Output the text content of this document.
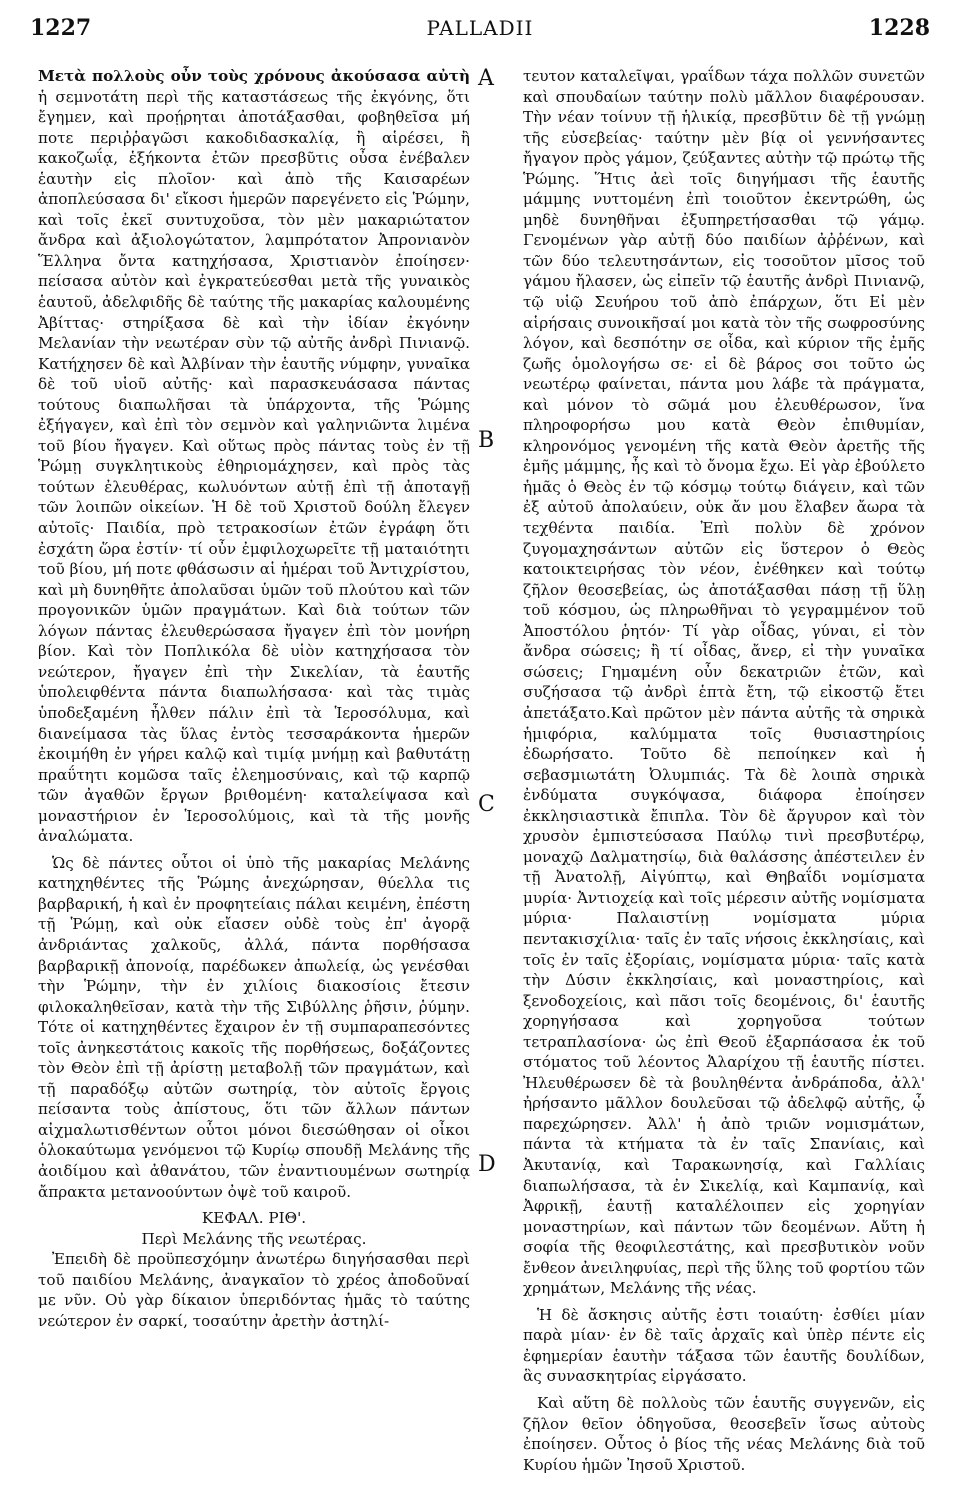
1227	PALLADII	1228
A
B
C
D

Μετὰ πολλοὺς οὖν τοὺς χρόνους ἀκούσασα αὐτὴ ἡ σεμνοτάτη περὶ τῆς καταστάσεως τῆς ἐκγόνης, ὅτι ἔγημεν, καὶ προῄρηται ἀποτάξασθαι, φοβηθεῖσα μή ποτε περιῤῥαγῶσι κακοδιδασκαλίᾳ, ἢ αἱρέσει, ἢ κακοζωΐᾳ, ἑξήκοντα ἐτῶν πρεσβῦτις οὖσα ἐνέβαλεν ἑαυτὴν εἰς πλοῖον· καὶ ἀπὸ τῆς Καισαρέων ἀποπλεύσασα δι' εἴκοσι ἡμερῶν παρεγένετο εἰς Ῥώμην, καὶ τοῖς ἐκεῖ συντυχοῦσα, τὸν μὲν μακαριώτατον ἄνδρα καὶ ἀξιολογώτατον, λαμπρότατον Ἀπρονιανὸν Ἕλληνα ὄντα κατηχήσασα, Χριστιανὸν ἐποίησεν· πείσασα αὐτὸν καὶ ἐγκρατεύεσθαι μετὰ τῆς γυναικὸς ἑαυτοῦ, ἀδελφιδῆς δὲ ταύτης τῆς μακαρίας καλουμένης Ἀβίττας· στηρίξασα δὲ καὶ τὴν ἰδίαν ἐκγόνην Μελανίαν τὴν νεωτέραν σὺν τῷ αὐτῆς ἀνδρὶ Πινιανῷ. Κατήχησεν δὲ καὶ Ἀλβίναν τὴν ἑαυτῆς νύμφην, γυναῖκα δὲ τοῦ υἱοῦ αὐτῆς· καὶ παρασκευάσασα πάντας τούτους διαπωλῆσαι τὰ ὑπάρχοντα, τῆς Ῥώμης ἐξήγαγεν, καὶ ἐπὶ τὸν σεμνὸν καὶ γαληνιῶντα λιμένα τοῦ βίου ἤγαγεν. Καὶ οὕτως πρὸς πάντας τοὺς ἐν τῇ Ῥώμῃ συγκλητικοὺς ἐθηριομάχησεν, καὶ πρὸς τὰς τούτων ἐλευθέρας, κωλυόντων αὐτῇ ἐπὶ τῇ ἀποταγῇ τῶν λοιπῶν οἰκείων. Ἡ δὲ τοῦ Χριστοῦ δούλη ἔλεγεν αὐτοῖς· Παιδία, πρὸ τετρακοσίων ἐτῶν ἐγράφη ὅτι ἐσχάτη ὥρα ἐστίν· τί οὖν ἐμφιλοχωρεῖτε τῇ ματαιότητι τοῦ βίου, μή ποτε φθάσωσιν αἱ ἡμέραι τοῦ Ἀντιχρίστου, καὶ μὴ δυνηθῆτε ἀπολαῦσαι ὑμῶν τοῦ πλούτου καὶ τῶν προγονικῶν ὑμῶν πραγμάτων. Καὶ διὰ τούτων τῶν λόγων πάντας ἐλευθερώσασα ἤγαγεν ἐπὶ τὸν μονήρη βίον. Καὶ τὸν Ποπλικόλα δὲ υἱὸν κατηχήσασα τὸν νεώτερον, ἤγαγεν ἐπὶ τὴν Σικελίαν, τὰ ἑαυτῆς ὑπολειφθέντα πάντα διαπωλήσασα· καὶ τὰς τιμὰς ὑποδεξαμένη ἦλθεν πάλιν ἐπὶ τὰ Ἱεροσόλυμα, καὶ διανείμασα τὰς ὕλας ἐντὸς τεσσαράκοντα ἡμερῶν ἐκοιμήθη ἐν γήρει καλῷ καὶ τιμίᾳ μνήμῃ καὶ βαθυτάτῃ πραΰτητι κομῶσα ταῖς ἐλεημοσύναις, καὶ τῷ καρπῷ τῶν ἀγαθῶν ἔργων βριθομένη· καταλείψασα καὶ μοναστήριον ἐν Ἱεροσολύμοις, καὶ τὰ τῆς μονῆς ἀναλώματα.

Ὡς δὲ πάντες οὗτοι οἱ ὑπὸ τῆς μακαρίας Μελάνης κατηχηθέντες τῆς Ῥώμης ἀνεχώρησαν, θύελλα τις βαρβαρική, ἡ καὶ ἐν προφητείαις πάλαι κειμένη, ἐπέστη τῇ Ῥώμῃ, καὶ οὐκ εἴασεν οὐδὲ τοὺς ἐπ' ἀγορᾷ ἀνδριάντας χαλκοῦς, ἀλλά, πάντα πορθήσασα βαρβαρικῇ ἀπονοίᾳ, παρέδωκεν ἀπωλείᾳ, ὡς γενέσθαι τὴν Ῥώμην, τὴν ἐν χιλίοις διακοσίοις ἔτεσιν φιλοκαληθεῖσαν, κατὰ τὴν τῆς Σιβύλλης ῥῆσιν, ῥύμην. Τότε οἱ κατηχηθέντες ἔχαιρον ἐν τῇ συμπαραπεσόντες τοῖς ἀνηκεστάτοις κακοῖς τῆς πορθήσεως, δοξάζοντες τὸν Θεὸν ἐπὶ τῇ ἀρίστῃ μεταβολῇ τῶν πραγμάτων, καὶ τῇ παραδόξῳ αὐτῶν σωτηρίᾳ, τὸν αὐτοῖς ἔργοις πείσαντα τοὺς ἀπίστους, ὅτι τῶν ἄλλων πάντων αἰχμαλωτισθέντων οὗτοι μόνοι διεσώθησαν οἱ οἶκοι ὁλοκαύτωμα γενόμενοι τῷ Κυρίῳ σπουδῇ Μελάνης τῆς ἀοιδίμου καὶ ἀθανάτου, τῶν ἐναντιουμένων σωτηρίᾳ ἄπρακτα μετανοούντων ὀψὲ τοῦ καιροῦ.

ΚΕΦΑΛ. ΡΙΘ'.
Περὶ Μελάνης τῆς νεωτέρας.

Ἐπειδὴ δὲ προϋπεσχόμην ἀνωτέρω διηγήσασθαι περὶ τοῦ παιδίου Μελάνης, ἀναγκαῖον τὸ χρέος ἀποδοῦναί με νῦν. Οὐ γὰρ δίκαιον ὑπεριδόντας ἡμᾶς τὸ ταύτης νεώτερον ἐν σαρκί, τοσαύτην ἀρετὴν ἀστηλί-

τευτον καταλεῖψαι, γραΐδων τάχα πολλῶν συνετῶν καὶ σπουδαίων ταύτην πολὺ μᾶλλον διαφέρουσαν. Τὴν νέαν τοίνυν τῇ ἡλικίᾳ, πρεσβῦτιν δὲ τῇ γνώμῃ τῆς εὐσεβείας· ταύτην μὲν βίᾳ οἱ γεννήσαντες ἤγαγον πρὸς γάμον, ζεύξαντες αὐτὴν τῷ πρώτῳ τῆς Ῥώμης. Ἥτις ἀεὶ τοῖς διηγήμασι τῆς ἑαυτῆς μάμμης νυττομένη ἐπὶ τοιοῦτον ἐκεντρώθη, ὡς μηδὲ δυνηθῆναι ἐξυπηρετήσασθαι τῷ γάμῳ. Γενομένων γὰρ αὐτῇ δύο παιδίων ἀῤῥένων, καὶ τῶν δύο τελευτησάντων, εἰς τοσοῦτον μῖσος τοῦ γάμου ἤλασεν, ὡς εἰπεῖν τῷ ἑαυτῆς ἀνδρὶ Πινιανῷ, τῷ υἱῷ Σευήρου τοῦ ἀπὸ ἐπάρχων, ὅτι Εἰ μὲν αἱρήσαις συνοικῆσαί μοι κατὰ τὸν τῆς σωφροσύνης λόγον, καὶ δεσπότην σε οἶδα, καὶ κύριον τῆς ἐμῆς ζωῆς ὁμολογήσω σε· εἰ δὲ βάρος σοι τοῦτο ὡς νεωτέρῳ φαίνεται, πάντα μου λάβε τὰ πράγματα, καὶ μόνον τὸ σῶμά μου ἐλευθέρωσον, ἵνα πληροφορήσω μου κατὰ Θεὸν ἐπιθυμίαν, κληρονόμος γενομένη τῆς κατὰ Θεὸν ἀρετῆς τῆς ἐμῆς μάμμης, ἧς καὶ τὸ ὄνομα ἔχω. Εἰ γὰρ ἐβούλετο ἡμᾶς ὁ Θεὸς ἐν τῷ κόσμῳ τούτῳ διάγειν, καὶ τῶν ἐξ αὐτοῦ ἀπολαύειν, οὐκ ἄν μου ἔλαβεν ἄωρα τὰ τεχθέντα παιδία. Ἐπὶ πολὺν δὲ χρόνον ζυγομαχησάντων αὐτῶν εἰς ὕστερον ὁ Θεὸς κατοικτειρήσας τὸν νέον, ἐνέθηκεν καὶ τούτῳ ζῆλον θεοσεβείας, ὡς ἀποτάξασθαι πάσῃ τῇ ὕλῃ τοῦ κόσμου, ὡς πληρωθῆναι τὸ γεγραμμένον τοῦ Ἀποστόλου ῥητόν· Τί γὰρ οἶδας, γύναι, εἰ τὸν ἄνδρα σώσεις; ἢ τί οἶδας, ἄνερ, εἰ τὴν γυναῖκα σώσεις; Γημαμένη οὖν δεκατριῶν ἐτῶν, καὶ συζήσασα τῷ ἀνδρὶ ἑπτὰ ἔτη, τῷ εἰκοστῷ ἔτει ἀπετάξατο.Καὶ πρῶτον μὲν πάντα αὐτῆς τὰ σηρικὰ ἡμιφόρια, καλύμματα τοῖς θυσιαστηρίοις ἐδωρήσατο. Τοῦτο δὲ πεποίηκεν καὶ ἡ σεβασμιωτάτη Ὀλυμπιάς. Τὰ δὲ λοιπὰ σηρικὰ ἐνδύματα συγκόψασα, διάφορα ἐποίησεν ἐκκλησιαστικὰ ἔπιπλα. Τὸν δὲ ἄργυρον καὶ τὸν χρυσὸν ἐμπιστεύσασα Παύλῳ τινὶ πρεσβυτέρῳ, μοναχῷ Δαλματησίῳ, διὰ θαλάσσης ἀπέστειλεν ἐν τῇ Ἀνατολῇ, Αἰγύπτῳ, καὶ Θηβαΐδι νομίσματα μυρία· Ἀντιοχείᾳ καὶ τοῖς μέρεσιν αὐτῆς νομίσματα μύρια· Παλαιστίνῃ νομίσματα μύρια πεντακισχίλια· ταῖς ἐν ταῖς νήσοις ἐκκλησίαις, καὶ τοῖς ἐν ταῖς ἐξορίαις, νομίσματα μύρια· ταῖς κατὰ τὴν Δύσιν ἐκκλησίαις, καὶ μοναστηρίοις, καὶ ξενοδοχείοις, καὶ πᾶσι τοῖς δεομένοις, δι' ἑαυτῆς χορηγήσασα καὶ χορηγοῦσα τούτων τετραπλασίονα· ὡς ἐπὶ Θεοῦ ἐξαρπάσασα ἐκ τοῦ στόματος τοῦ λέοντος Ἀλαρίχου τῇ ἑαυτῆς πίστει. Ἠλευθέρωσεν δὲ τὰ βουληθέντα ἀνδράποδα, ἀλλ' ἠρήσαντο μᾶλλον δουλεῦσαι τῷ ἀδελφῷ αὐτῆς, ᾧ παρεχώρησεν. Ἀλλ' ἡ ἀπὸ τριῶν νομισμάτων, πάντα τὰ κτήματα τὰ ἐν ταῖς Σπανίαις, καὶ Ἀκυτανίᾳ, καὶ Ταρακωνησίᾳ, καὶ Γαλλίαις διαπωλήσασα, τὰ ἐν Σικελίᾳ, καὶ Καμπανίᾳ, καὶ Ἀφρικῇ, ἑαυτῇ καταλέλοιπεν εἰς χορηγίαν μοναστηρίων, καὶ πάντων τῶν δεομένων. Αὕτη ἡ σοφία τῆς θεοφιλεστάτης, καὶ πρεσβυτικὸν νοῦν ἔνθεον ἀνειληφυίας, περὶ τῆς ὕλης τοῦ φορτίου τῶν χρημάτων, Μελάνης τῆς νέας.

Ἡ δὲ ἄσκησις αὐτῆς ἐστι τοιαύτη· ἐσθίει μίαν παρὰ μίαν· ἐν δὲ ταῖς ἀρχαῖς καὶ ὑπὲρ πέντε εἰς ἐφημερίαν ἑαυτὴν τάξασα τῶν ἑαυτῆς δουλίδων, ἃς συνασκητρίας εἰργάσατο.

Καὶ αὕτη δὲ πολλοὺς τῶν ἑαυτῆς συγγενῶν, εἰς ζῆλον θεῖον ὁδηγοῦσα, θεοσεβεῖν ἴσως αὐτοὺς ἐποίησεν. Οὗτος ὁ βίος τῆς νέας Μελάνης διὰ τοῦ Κυρίου ἡμῶν Ἰησοῦ Χριστοῦ.
